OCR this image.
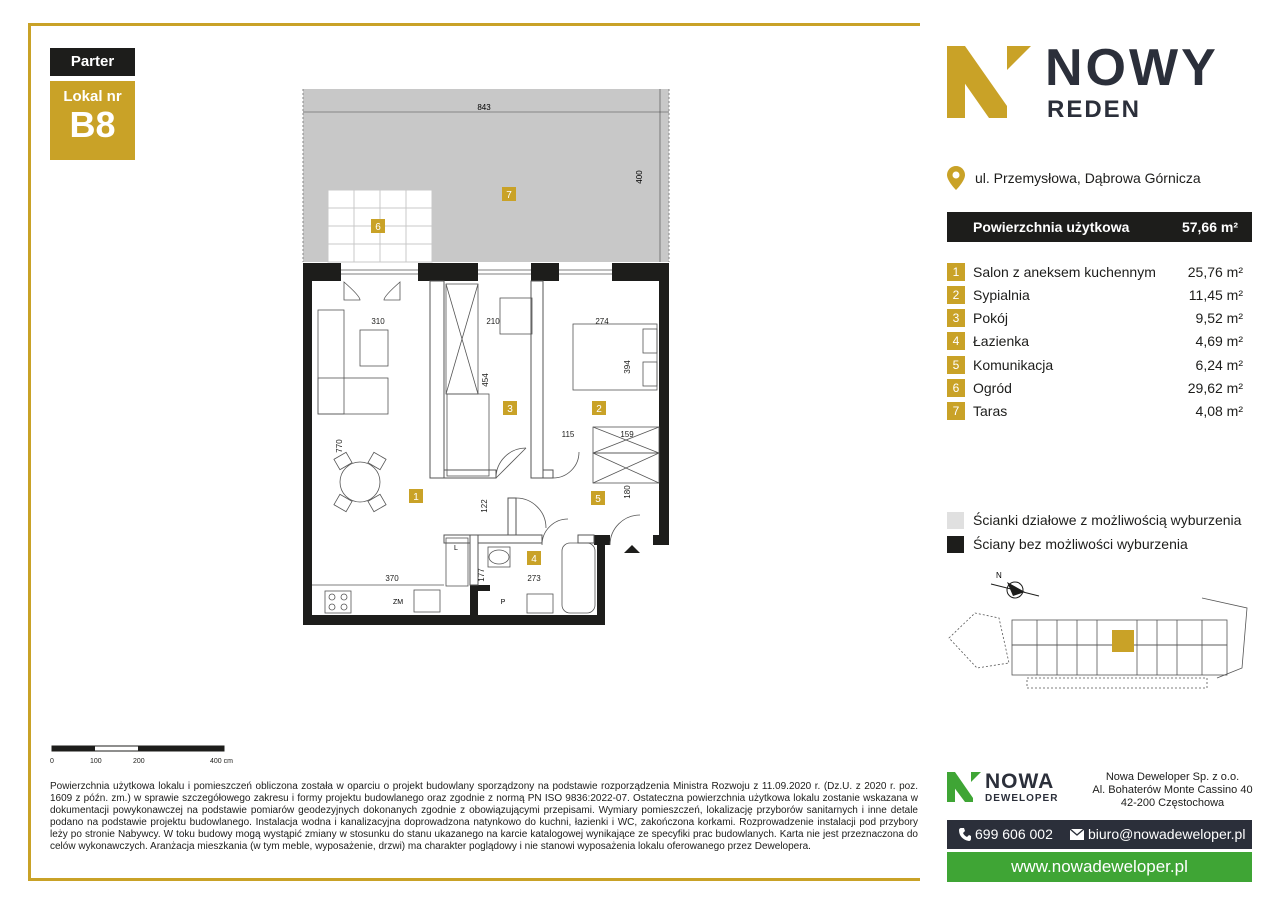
Parter
Lokal nr
B8	843
400
6
7
ZM
L
P
310	210	274
454
394
115	159
770
122
180
370	177	273
1
2
3
4
5
0	100	200	400 cm
Powierzchnia użytkowa lokalu i pomieszczeń obliczona została w oparciu o projekt budowlany sporządzony na podstawie rozporządzenia Ministra Rozwoju z 11.09.2020 r. (Dz.U. z 2020 r. poz. 1609 z późn. zm.) w sprawie szczegółowego zakresu i formy projektu budowlanego oraz zgodnie z normą PN ISO 9836:2022-07. Ostateczna powierzchnia użytkowa lokalu zostanie wskazana w dokumentacji powykonawczej na podstawie pomiarów geodezyjnych dokonanych zgodnie z obowiązującymi przepisami. Wymiary pomieszczeń, lokalizację przyborów sanitarnych i inne detale podano na podstawie projektu budowlanego. Instalacja wodna i kanalizacyjna doprowadzona natynkowo do kuchni, łazienki i WC, zakończona korkami. Rozprowadzenie instalacji pod przybory leży po stronie Nabywcy. W toku budowy mogą wystąpić zmiany w stosunku do stanu ukazanego na karcie katalogowej wynikające ze specyfiki prac budowlanych. Karta nie jest przeznaczona do celów wykonawczych. Aranżacja mieszkania (w tym meble, wyposażenie, drzwi) ma charakter poglądowy i nie stanowi wyposażenia lokalu oferowanego przez Dewelopera.
NOWY
REDEN
ul. Przemysłowa, Dąbrowa Górnicza
Powierzchnia użytkowa	57,66 m²
1 Salon z aneksem kuchennym 25,76 m²
2 Sypialnia	11,45 m²
3 Pokój	9,52 m²
4 Łazienka	4,69 m²
5 Komunikacja	6,24 m²
6 Ogród	29,62 m²
7 Taras	4,08 m²
Ścianki działowe z możliwością wyburzenia
Ściany bez możliwości wyburzenia
N
NOWA
DEWELOPER
Nowa Deweloper Sp. z o.o.
Al. Bohaterów Monte Cassino 40
42-200 Częstochowa
699 606 002	biuro@nowadeweloper.pl
www.nowadeweloper.pl
